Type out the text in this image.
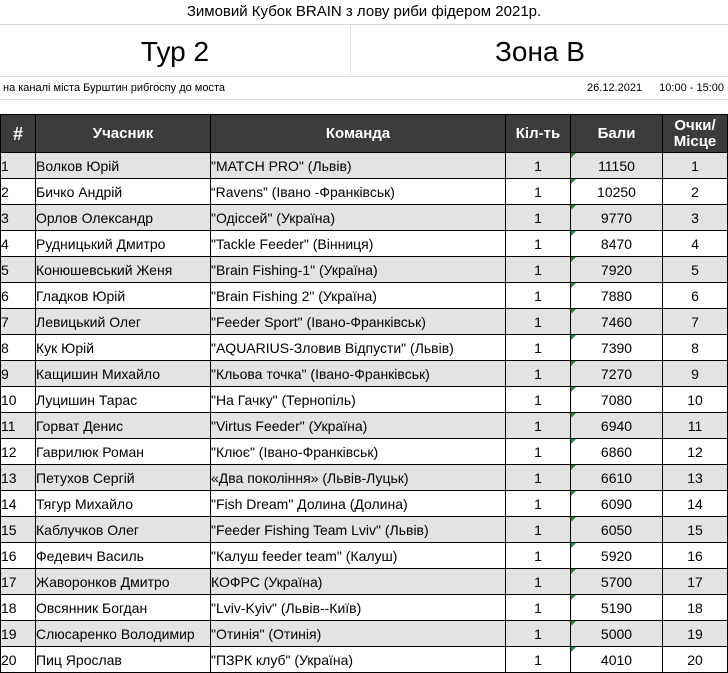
Зимовий Кубок BRAIN з лову риби фідером 2021р.
Тур 2	Зона В
на каналі міста Бурштин рибгоспу до моста	26.12.2021 10:00 - 15:00
#	Учасник	Команда	Кіл-ть	Бали	Очки/
Місце
1	Волков Юрій	"MATCH PRO" (Львів)	1	11150	1
2	Бичко Андрій	“Ravens” (Івано -Франківськ)	1	10250	2
3	Орлов Олександр	"Одіссей" (Україна)	1	9770	3
4	Рудницький Дмитро	"Tackle Feeder" (Вінниця)	1	8470	4
5	Конюшевський Женя	"Brain Fishing-1" (Україна)	1	7920	5
6	Гладков Юрій	"Brain Fishing 2" (Україна)	1	7880	6
7	Левицький Олег	"Feeder Sport" (Івано-Франківськ)	1	7460	7
8	Кук Юрій	"AQUARIUS-Зловив Відпусти" (Львів)	1	7390	8
9	Кащишин Михайло	"Кльова точка" (Івано-Франківськ)	1	7270	9
10	Луцишин Тарас	"На Гачку" (Тернопіль)	1	7080	10
11	Горват Денис	"Virtus Feeder" (Україна)	1	6940	11
12	Гаврилюк Роман	"Клює" (Івано-Франківськ)	1	6860	12
13	Петухов Сергій	«Два покоління» (Львів-Луцьк)	1	6610	13
14	Тягур Михайло	"Fish Dream" Долина (Долина)	1	6090	14
15	Каблучков Олег	"Feeder Fishing Team Lviv" (Львів)	1	6050	15
16	Федевич Василь	"Калуш feeder team" (Калуш)	1	5920	16
17	Жаворонков Дмитро	КОФРС (Україна)	1	5700	17
18	Овсянник Богдан	"Lviv-Kyiv" (Львів--Київ)	1	5190	18
19	Слюсаренко Володимир	"Отинія" (Отинія)	1	5000	19
20	Пиц Ярослав	"ПЗРК клуб" (Україна)	1	4010	20
